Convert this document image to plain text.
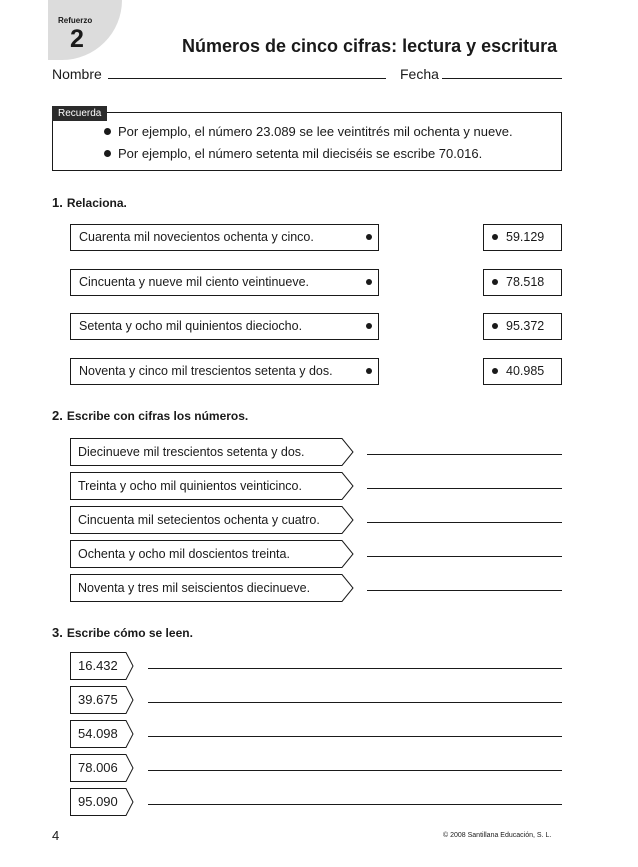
Refuerzo
2	Números de cinco cifras: lectura y escritura
Nombre	Fecha
Recuerda
Por ejemplo, el número 23.089 se lee veintitrés mil ochenta y nueve.
Por ejemplo, el número setenta mil dieciséis se escribe 70.016.
1. Relaciona.
Cuarenta mil novecientos ochenta y cinco.	59.129
Cincuenta y nueve mil ciento veintinueve.	78.518
Setenta y ocho mil quinientos dieciocho.	95.372
Noventa y cinco mil trescientos setenta y dos.	40.985
2. Escribe con cifras los números.
Diecinueve mil trescientos setenta y dos.
Treinta y ocho mil quinientos veinticinco.
Cincuenta mil setecientos ochenta y cuatro.
Ochenta y ocho mil doscientos treinta.
Noventa y tres mil seiscientos diecinueve.
3. Escribe cómo se leen.
16.432
39.675
54.098
78.006
95.090
4	© 2008 Santillana Educación, S. L.
